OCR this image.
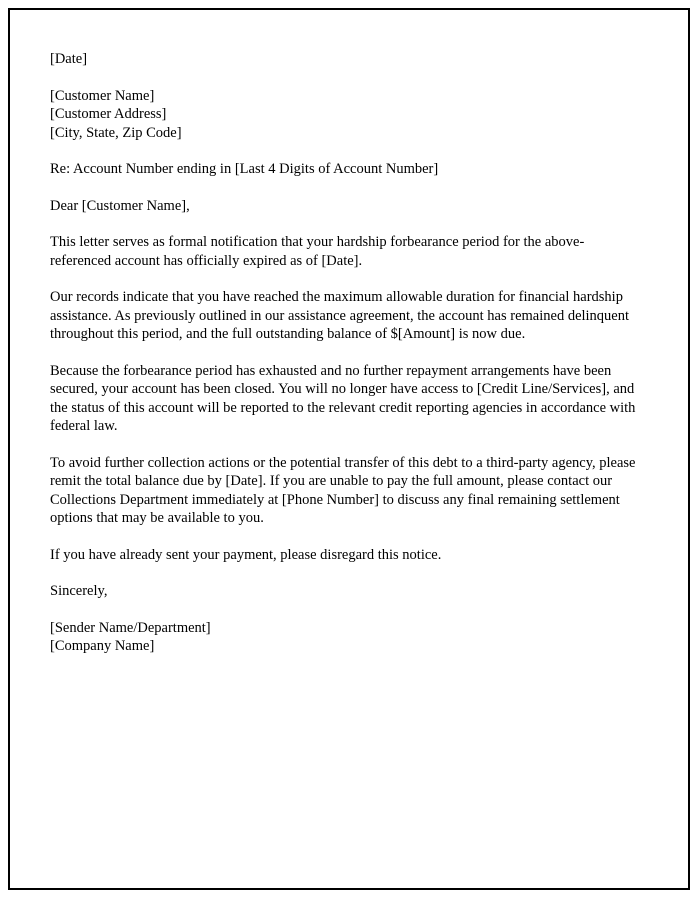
[Date]

[Customer Name]

[Customer Address]

[City, State, Zip Code]

Re: Account Number ending in [Last 4 Digits of Account Number]

Dear [Customer Name],

This letter serves as formal notification that your hardship forbearance period for the above-referenced account has officially expired as of [Date].

Our records indicate that you have reached the maximum allowable duration for financial hardship assistance. As previously outlined in our assistance agreement, the account has remained delinquent throughout this period, and the full outstanding balance of $[Amount] is now due.

Because the forbearance period has exhausted and no further repayment arrangements have been secured, your account has been closed. You will no longer have access to [Credit Line/Services], and the status of this account will be reported to the relevant credit reporting agencies in accordance with federal law.

To avoid further collection actions or the potential transfer of this debt to a third-party agency, please remit the total balance due by [Date]. If you are unable to pay the full amount, please contact our Collections Department immediately at [Phone Number] to discuss any final remaining settlement options that may be available to you.

If you have already sent your payment, please disregard this notice.

Sincerely,

[Sender Name/Department]

[Company Name]
